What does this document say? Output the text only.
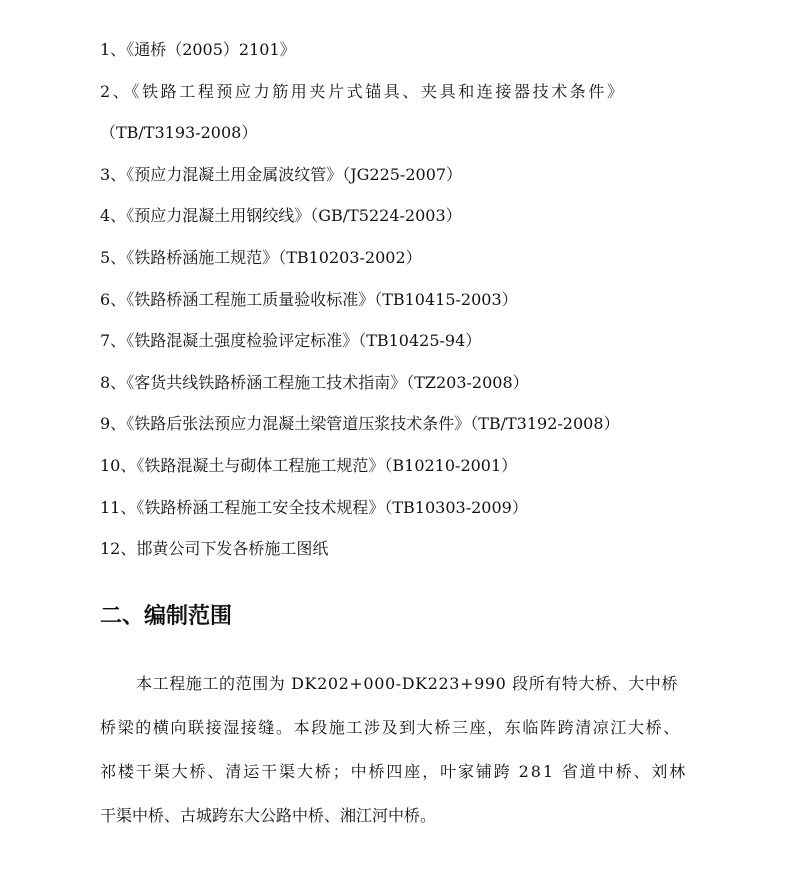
1、《通桥（2005）2101》
2、《铁路工程预应力筋用夹片式锚具、夹具和连接器技术条件》
（TB/T3193-2008）
3、《预应力混凝土用金属波纹管》（JG225-2007）
4、《预应力混凝土用钢绞线》（GB/T5224-2003）
5、《铁路桥涵施工规范》（TB10203-2002）
6、《铁路桥涵工程施工质量验收标准》（TB10415-2003）
7、《铁路混凝土强度检验评定标准》（TB10425-94）
8、《客货共线铁路桥涵工程施工技术指南》（TZ203-2008）
9、《铁路后张法预应力混凝土梁管道压浆技术条件》（TB/T3192-2008）
10、《铁路混凝土与砌体工程施工规范》（B10210-2001）
11、《铁路桥涵工程施工安全技术规程》（TB10303-2009）
12、邯黄公司下发各桥施工图纸
二、编制范围
本工程施工的范围为 DK202+000-DK223+990 段所有特大桥、大中桥
桥梁的横向联接湿接缝。本段施工涉及到大桥三座，东临阵跨清凉江大桥、
祁楼干渠大桥、清运干渠大桥；中桥四座，叶家铺跨 281 省道中桥、刘林
干渠中桥、古城跨东大公路中桥、湘江河中桥。
